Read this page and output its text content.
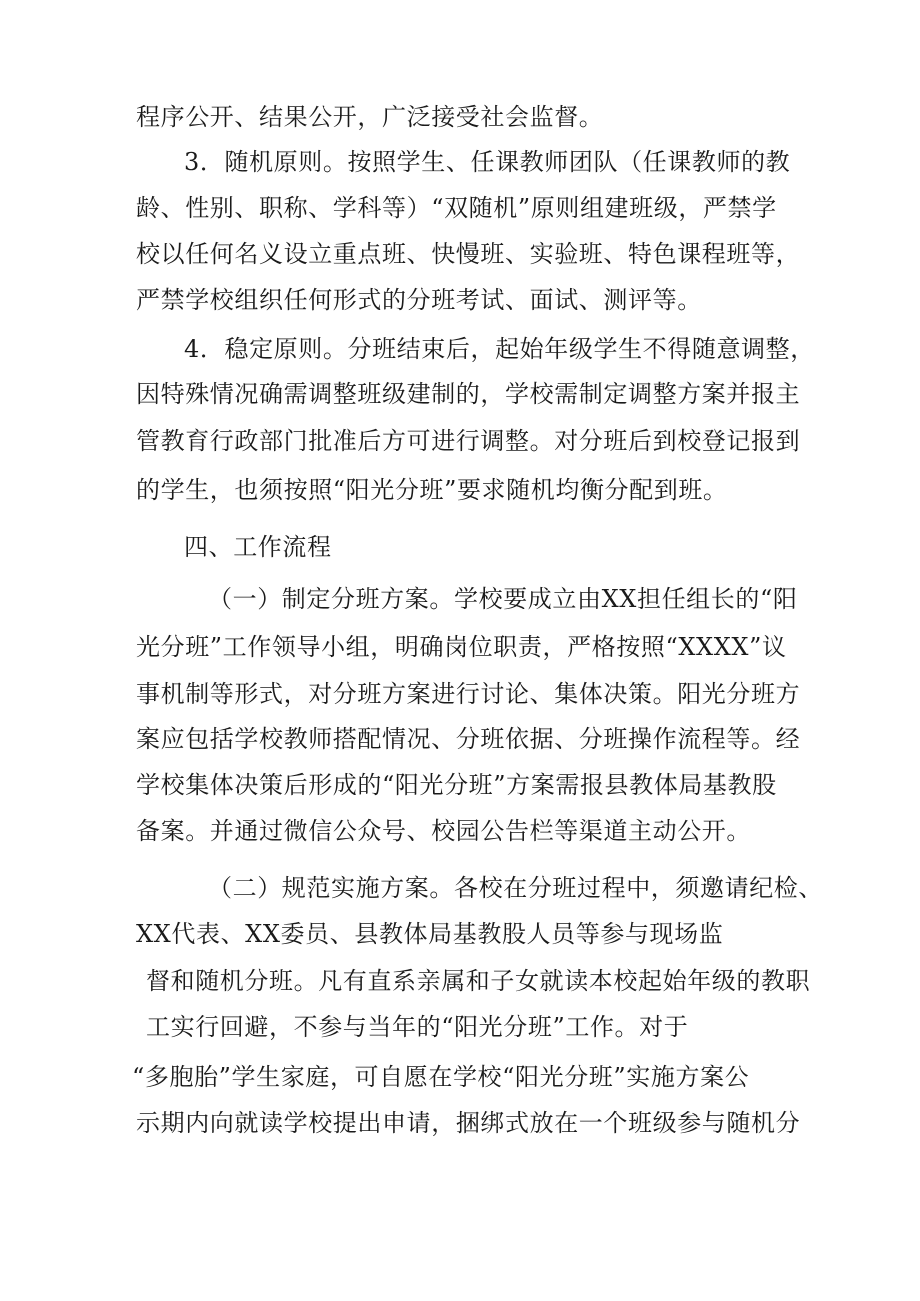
程序公开、结果公开，广泛接受社会监督。
3．随机原则。按照学生、任课教师团队（任课教师的教
龄、性别、职称、学科等）“双随机”原则组建班级，严禁学
校以任何名义设立重点班、快慢班、实验班、特色课程班等，
严禁学校组织任何形式的分班考试、面试、测评等。
4．稳定原则。分班结束后，起始年级学生不得随意调整，
因特殊情况确需调整班级建制的，学校需制定调整方案并报主
管教育行政部门批准后方可进行调整。对分班后到校登记报到
的学生，也须按照“阳光分班”要求随机均衡分配到班。
四、工作流程
（一）制定分班方案。学校要成立由XX担任组长的“阳
光分班”工作领导小组，明确岗位职责，严格按照“XXXX”议
事机制等形式，对分班方案进行讨论、集体决策。阳光分班方
案应包括学校教师搭配情况、分班依据、分班操作流程等。经
学校集体决策后形成的“阳光分班”方案需报县教体局基教股
备案。并通过微信公众号、校园公告栏等渠道主动公开。
（二）规范实施方案。各校在分班过程中，须邀请纪检、
XX代表、XX委员、县教体局基教股人员等参与现场监
督和随机分班。凡有直系亲属和子女就读本校起始年级的教职
工实行回避，不参与当年的“阳光分班”工作。对于
“多胞胎”学生家庭，可自愿在学校“阳光分班”实施方案公
示期内向就读学校提出申请，捆绑式放在一个班级参与随机分
